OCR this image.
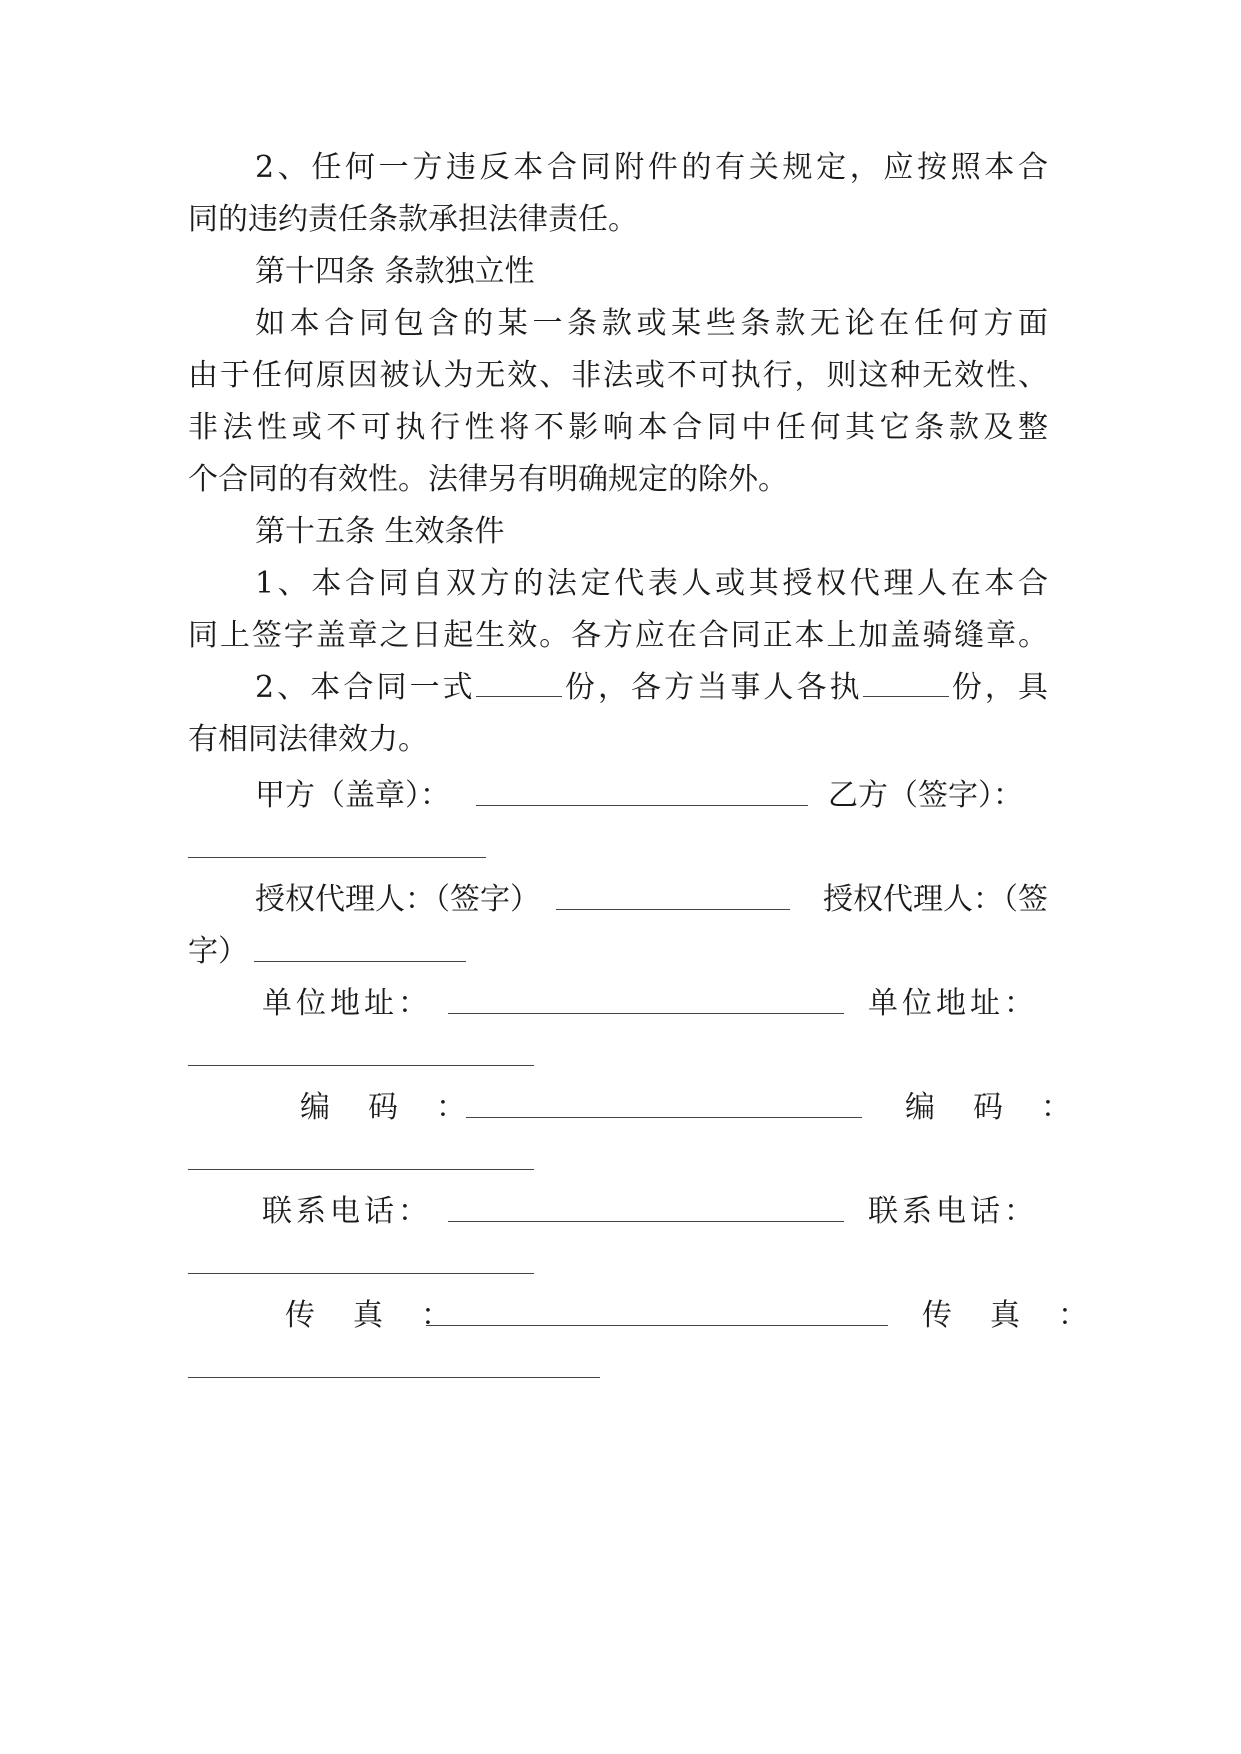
2、任何一方违反本合同附件的有关规定，应按照本合
同的违约责任条款承担法律责任。
第十四条 条款独立性
如本合同包含的某一条款或某些条款无论在任何方面
由于任何原因被认为无效、非法或不可执行，则这种无效性、
非法性或不可执行性将不影响本合同中任何其它条款及整
个合同的有效性。法律另有明确规定的除外。
第十五条 生效条件
1、本合同自双方的法定代表人或其授权代理人在本合
同上签字盖章之日起生效。各方应在合同正本上加盖骑缝章。
2、本合同一式	份，各方当事人各执	份，具
有相同法律效力。
甲方（盖章）：	乙方（签字）：
授权代理人：（签字）	授权代理人：（签
字）
单位地址：	单位地址：
编　码　：	编　码　：
联系电话：	联系电话：
传　真　：	传　真　：
